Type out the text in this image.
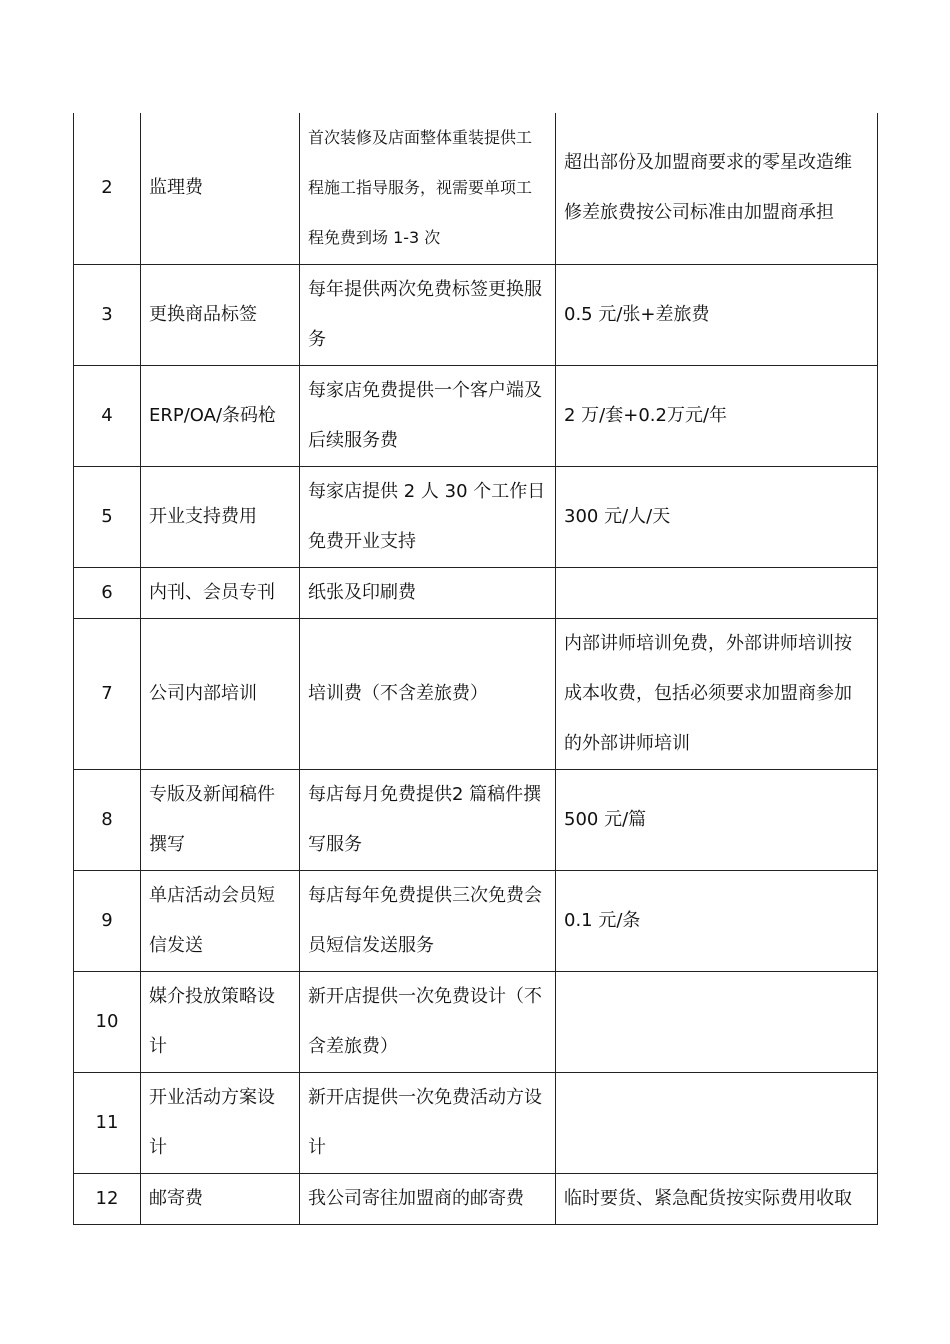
2	监理费	首次装修及店面整体重装提供工程施工指导服务，视需要单项工程免费到场 1-3 次	超出部份及加盟商要求的零星改造维修差旅费按公司标准由加盟商承担
3	更换商品标签	每年提供两次免费标签更换服务	0.5 元/张+差旅费
4	ERP/OA/条码枪	每家店免费提供一个客户端及后续服务费	2 万/套+0.2万元/年
5	开业支持费用	每家店提供 2 人 30 个工作日免费开业支持	300 元/人/天
6	内刊、会员专刊	纸张及印刷费	
7	公司内部培训	培训费（不含差旅费）	内部讲师培训免费，外部讲师培训按成本收费，包括必须要求加盟商参加的外部讲师培训
8	专版及新闻稿件撰写	每店每月免费提供2 篇稿件撰写服务	500 元/篇
9	单店活动会员短信发送	每店每年免费提供三次免费会员短信发送服务	0.1 元/条
10	媒介投放策略设计	新开店提供一次免费设计（不含差旅费）	
11	开业活动方案设计	新开店提供一次免费活动方设计	
12	邮寄费	我公司寄往加盟商的邮寄费	临时要货、紧急配货按实际费用收取
